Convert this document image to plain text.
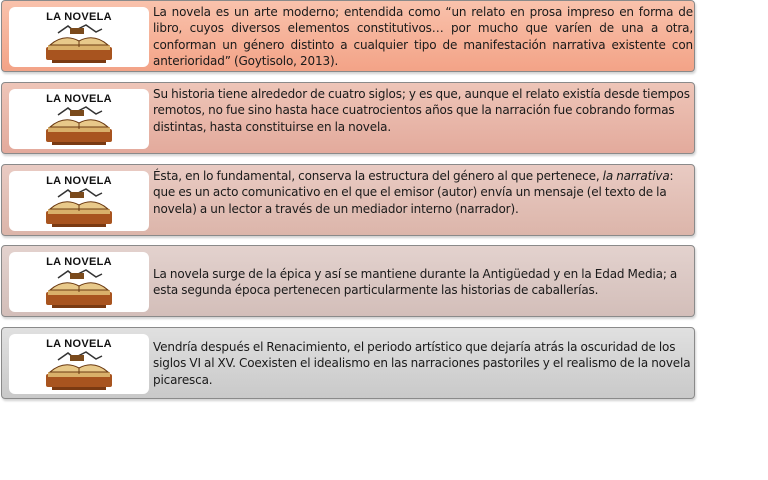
LA NOVELA	La novela es un arte moderno; entendida como “un relato en prosa impreso en forma de libro, cuyos diversos elementos constitutivos… por mucho que varíen de una a otra, conforman un género distinto a cualquier tipo de manifestación narrativa existente con anterioridad” (Goytisolo, 2013).
LA NOVELA	Su historia tiene alrededor de cuatro siglos; y es que, aunque el relato existía desde tiempos remotos, no fue sino hasta hace cuatrocientos años que la narración fue cobrando formas distintas, hasta constituirse en la novela.
LA NOVELA	Ésta, en lo fundamental, conserva la estructura del género al que pertenece, la narrativa: que es un acto comunicativo en el que el emisor (autor) envía un mensaje (el texto de la novela) a un lector a través de un mediador interno (narrador).
LA NOVELA
La novela surge de la épica y así se mantiene durante la Antigüedad y en la Edad Media; a esta segunda época pertenecen particularmente las historias de caballerías.
LA NOVELA	Vendría después el Renacimiento, el periodo artístico que dejaría atrás la oscuridad de los siglos VI al XV. Coexisten el idealismo en las narraciones pastoriles y el realismo de la novela picaresca.
